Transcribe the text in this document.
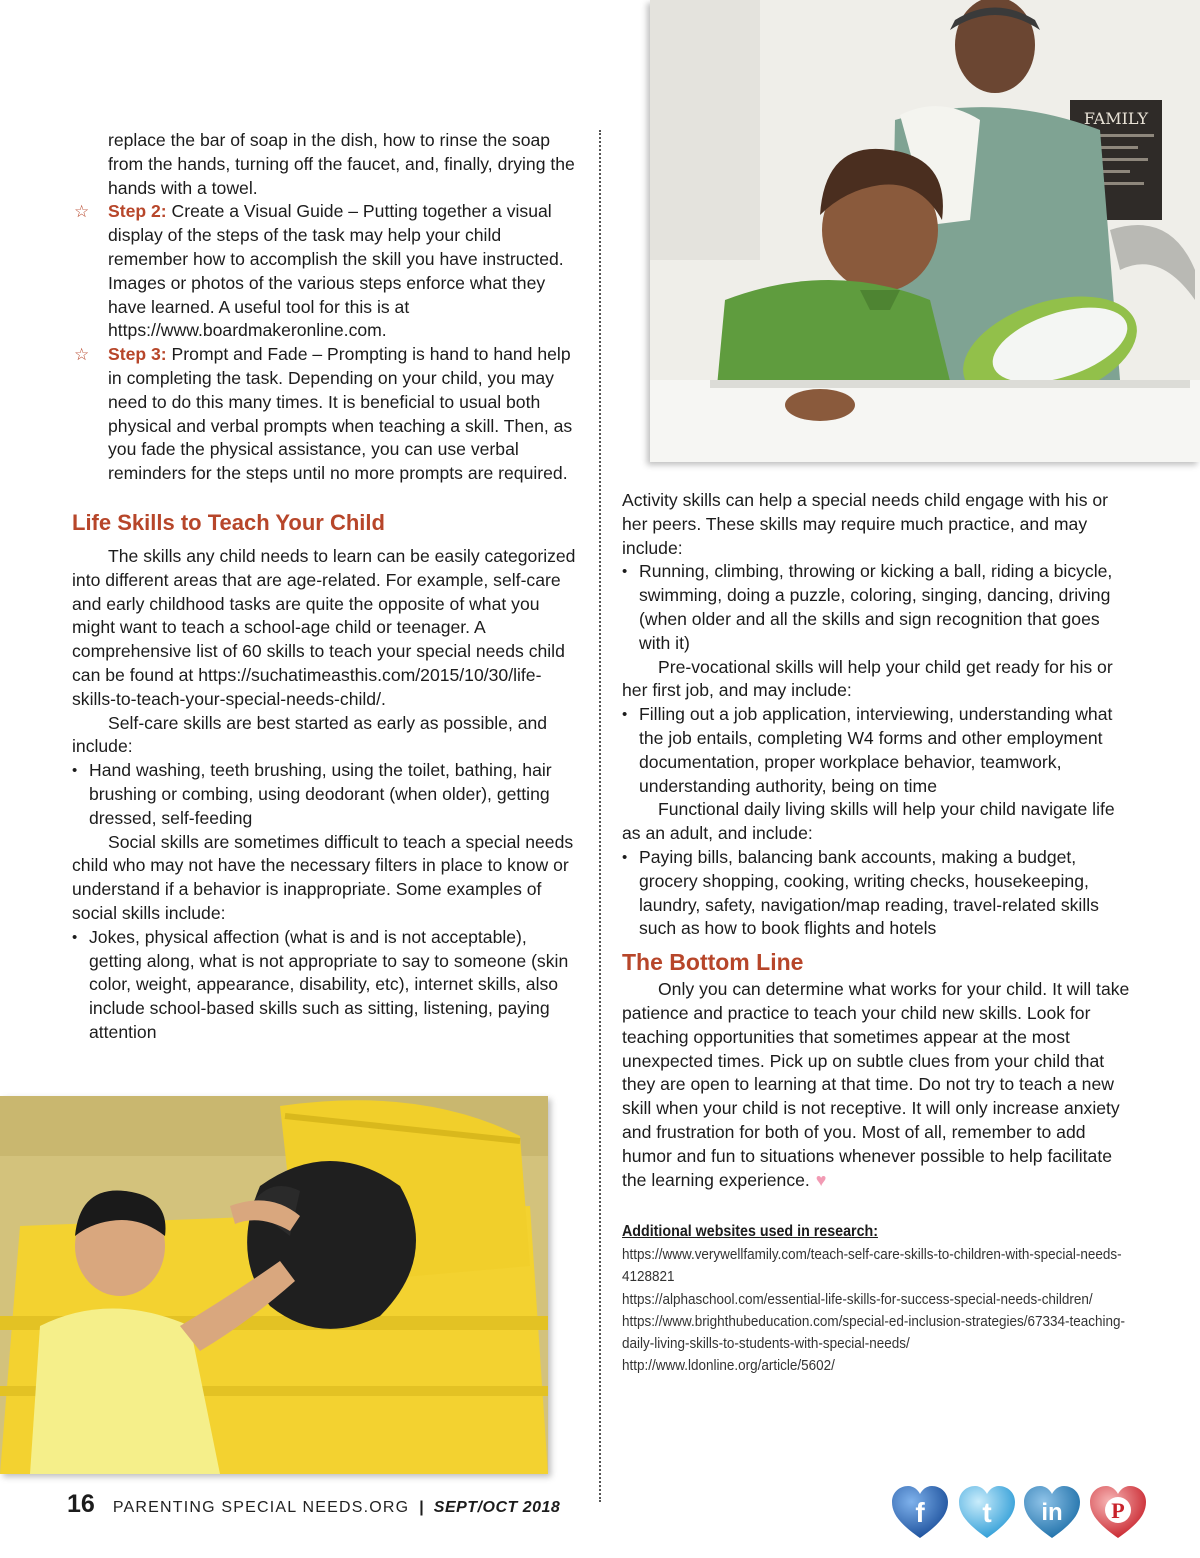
replace the bar of soap in the dish, how to rinse the soap from the hands, turning off the faucet, and, finally, drying the hands with a towel.

☆ Step 2: Create a Visual Guide – Putting together a visual display of the steps of the task may help your child remember how to accomplish the skill you have instructed. Images or photos of the various steps enforce what they have learned. A useful tool for this is at https://www.boardmakeronline.com.
☆ Step 3: Prompt and Fade – Prompting is hand to hand help in completing the task. Depending on your child, you may need to do this many times. It is beneficial to usual both physical and verbal prompts when teaching a skill. Then, as you fade the physical assistance, you can use verbal reminders for the steps until no more prompts are required.
Life Skills to Teach Your Child

The skills any child needs to learn can be easily categorized into different areas that are age-related. For example, self-care and early childhood tasks are quite the opposite of what you might want to teach a school-age child or teenager. A comprehensive list of 60 skills to teach your special needs child can be found at https://suchatimeasthis.com/2015/10/30/life-skills-to-teach-your-special-needs-child/.

Self-care skills are best started as early as possible, and include:

• Hand washing, teeth brushing, using the toilet, bathing, hair brushing or combing, using deodorant (when older), getting dressed, self-feeding

Social skills are sometimes difficult to teach a special needs child who may not have the necessary filters in place to know or understand if a behavior is inappropriate. Some examples of social skills include:

• Jokes, physical affection (what is and is not acceptable), getting along, what is not appropriate to say to someone (skin color, weight, appearance, disability, etc), internet skills, also include school-based skills such as sitting, listening, paying attention

FAMILY

Activity skills can help a special needs child engage with his or her peers. These skills may require much practice, and may include:

• Running, climbing, throwing or kicking a ball, riding a bicycle, swimming, doing a puzzle, coloring, singing, dancing, driving (when older and all the skills and sign recognition that goes with it)

Pre-vocational skills will help your child get ready for his or her first job, and may include:

• Filling out a job application, interviewing, understanding what the job entails, completing W4 forms and other employment documentation, proper workplace behavior, teamwork, understanding authority, being on time

Functional daily living skills will help your child navigate life as an adult, and include:

• Paying bills, balancing bank accounts, making a budget, grocery shopping, cooking, writing checks, housekeeping, laundry, safety, navigation/map reading, travel-related skills such as how to book flights and hotels

The Bottom Line

Only you can determine what works for your child. It will take patience and practice to teach your child new skills. Look for teaching opportunities that sometimes appear at the most unexpected times. Pick up on subtle clues from your child that they are open to learning at that time. Do not try to teach a new skill when your child is not receptive. It will only increase anxiety and frustration for both of you. Most of all, remember to add humor and fun to situations whenever possible to help facilitate the learning experience. ♥

Additional websites used in research:
https://www.verywellfamily.com/teach-self-care-skills-to-children-with-special-needs-4128821
https://alphaschool.com/essential-life-skills-for-success-special-needs-children/
https://www.brighthubeducation.com/special-ed-inclusion-strategies/67334-teaching-daily-living-skills-to-students-with-special-needs/
http://www.ldonline.org/article/5602/
16 PARENTING SPECIAL NEEDS.ORG | SEPT/OCT 2018	f t in P
